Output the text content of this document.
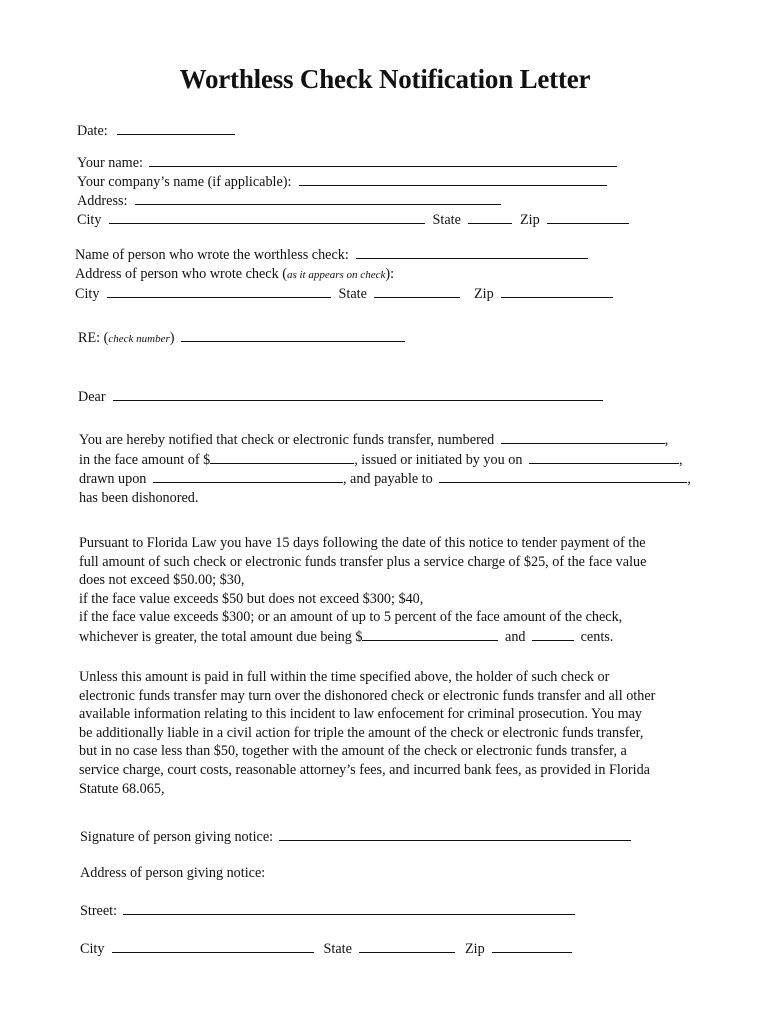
Worthless Check Notification Letter
Date:
Your name:
Your company’s name (if applicable):
Address:
City	State	Zip
Name of person who wrote the worthless check:
Address of person who wrote check (as it appears on check):
City	State	Zip
RE: (check number)
Dear
You are hereby notified that check or electronic funds transfer, numbered	,
in the face amount of $	, issued or initiated by you on	,
drawn upon	, and payable to	,
has been dishonored.
Pursuant to Florida Law you have 15 days following the date of this notice to tender payment of the
full amount of such check or electronic funds transfer plus a service charge of $25, of the face value
does not exceed $50.00; $30,
if the face value exceeds $50 but does not exceed $300; $40,
if the face value exceeds $300; or an amount of up to 5 percent of the face amount of the check,
whichever is greater, the total amount due being $	and	cents.
Unless this amount is paid in full within the time specified above, the holder of such check or
electronic funds transfer may turn over the dishonored check or electronic funds transfer and all other
available information relating to this incident to law enfocement for criminal prosecution. You may
be additionally liable in a civil action for triple the amount of the check or electronic funds transfer,
but in no case less than $50, together with the amount of the check or electronic funds transfer, a
service charge, court costs, reasonable attorney’s fees, and incurred bank fees, as provided in Florida
Statute 68.065,
Signature of person giving notice:
Address of person giving notice:
Street:
City	State	Zip
